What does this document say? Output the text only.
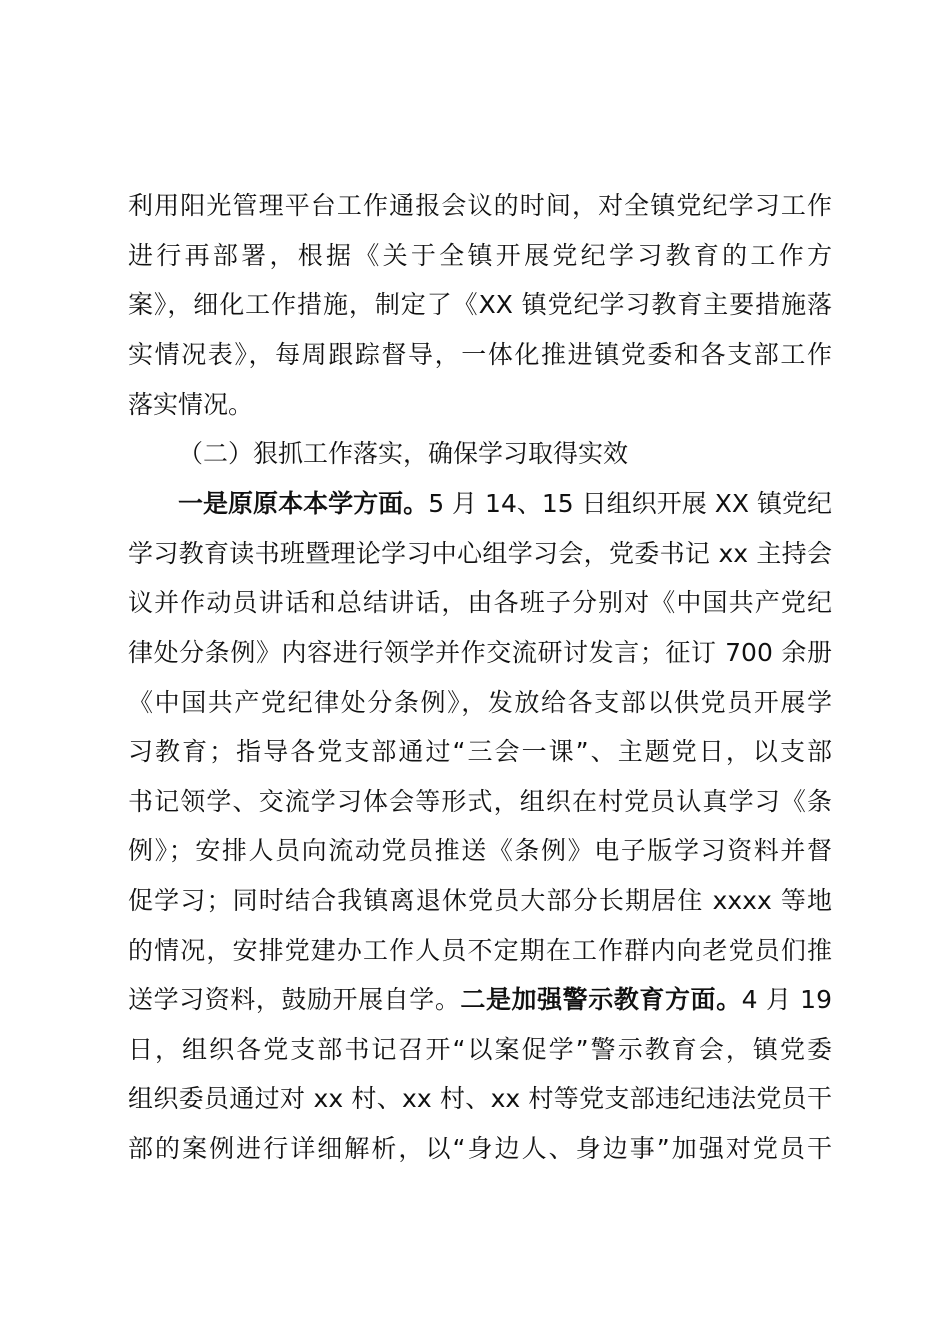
利用阳光管理平台工作通报会议的时间，对全镇党纪学习工作
进行再部署，根据《关于全镇开展党纪学习教育的工作方
案》，细化工作措施，制定了《XX 镇党纪学习教育主要措施落
实情况表》，每周跟踪督导，一体化推进镇党委和各支部工作
落实情况。
（二）狠抓工作落实，确保学习取得实效
一是原原本本学方面。5 月 14、15 日组织开展 XX 镇党纪
学习教育读书班暨理论学习中心组学习会，党委书记 xx 主持会
议并作动员讲话和总结讲话，由各班子分别对《中国共产党纪
律处分条例》内容进行领学并作交流研讨发言；征订 700 余册
《中国共产党纪律处分条例》，发放给各支部以供党员开展学
习教育；指导各党支部通过“三会一课”、主题党日，以支部
书记领学、交流学习体会等形式，组织在村党员认真学习《条
例》；安排人员向流动党员推送《条例》电子版学习资料并督
促学习；同时结合我镇离退休党员大部分长期居住 xxxx 等地
的情况，安排党建办工作人员不定期在工作群内向老党员们推
送学习资料，鼓励开展自学。二是加强警示教育方面。4 月 19
日，组织各党支部书记召开“以案促学”警示教育会，镇党委
组织委员通过对 xx 村、xx 村、xx 村等党支部违纪违法党员干
部的案例进行详细解析，以“身边人、身边事”加强对党员干
